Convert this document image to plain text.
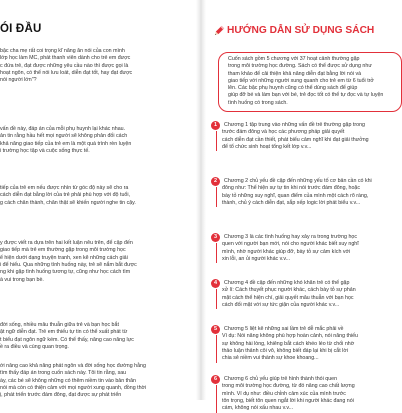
ÓI ĐẦU
bậc cha mẹ rất coi trọng kĩ năng ăn nói của con mình
lớp học làm MC, phát thanh viên dành cho trẻ em được
c đứa trẻ, đạt được những yêu cầu nào thì được gọi là
hoạt ngôn, có thể nói lưu loát, diễn đạt tốt, hay đạt được
nói người lớn"?
vấn đề này, đáp án của mỗi phụ huynh lại khác nhau.
ản tin rằng hầu hết mọi người sẽ không phản đối cách
khả năng giao tiếp của trẻ em là một quá trình rèn luyện
i trường học tập và cuộc sống thực tế.
tiếp của trẻ em nếu được nhìn từ góc độ này sẽ cho ra
cách diễn đạt bằng lời của trẻ phải phù hợp với độ tuổi,
g cách chân thành, chân thật sẽ khiến người nghe tin cậy.
y được viết ra dựa trên hai kết luận nêu trên, để cập đến
giao tiếp mà trẻ em thường gặp trong môi trường học
ể hiện dưới dạng truyện tranh, xen kẽ những cách giải
i để hiểu. Qua những tình huống này, trẻ sẽ nắm bắt được
ng khi gặp tình huống tương tự, cũng như học cách tìm
à vui trong bạn bè.
đời sống, nhiều mâu thuẫn giữa trẻ và bạn học bắt
ặt ngữ diễn đạt. Trẻ em thiếu tự tin có thể xuất phát từ
t biểu đạt ngôn ngữ kém. Có thể thấy, nâng cao năng lực
ề ra điều và cùng quan trọng.
ới nâng cao khả năng phát ngôn và đời sống học đường hằng
tìm thấy đáp án trong cuốn sách này. Tôi tin rằng, sau
ày, các bé sẽ không những có thêm niềm tin vào bản thân
nói mà còn có thiện cảm với mọi người xung quanh, đồng thời
ị, phát triển trước đám đông, đạt được sự phát triển
HƯỚNG DẪN SỬ DỤNG SÁCH
Cuốn sách gồm 5 chương với 37 hoạt cảnh thường gặp
trong môi trường học đường. Sách có thể được sử dụng như
tham khảo để cải thiện khả năng diễn đạt bằng lời nói và
giao tiếp với những người xung quanh cho trẻ em từ 6 tuổi trở
lên. Các bậc phụ huynh cũng có thể dùng sách để giúp
giúp đỡ bé và làm bạn với bé, trẻ đọc tốt có thể tự đọc và tự luyện
tình huống có trong sách.
1	Chương 1 tập trung vào những vấn đề trẻ thường gặp trong
trước đám đông và học các phương pháp giải quyết
cách diễn đạt cần thiết, phát biểu cảm nghĩ khi đạt giải thưởng
để tổ chức sinh hoạt tổng kết lớp v.v...
2	Chương 2 chủ yếu đề cập đến những yếu tố cơ bản cần có khi
đông như: Thể hiện sự tự tin khi nói trước đám đông, hoặc
bày tỏ những suy nghĩ, quan điểm của mình một cách rõ ràng,
thành, chủ ý cách diễn đạt, sắp xếp logic lời phát biểu v.v...
3	Chương 3 là các tình huống hay xảy ra trong trường học
quen với người bạn mới, nói cho người khác biết suy nghĩ
mình, nhờ người khác giúp đỡ, bày tỏ sự cảm kích với
xin lỗi, an ủi người khác v.v...
4	Chương 4 đề cập đến những khó khăn trẻ có thể gặp
xử lí: Cách thuyết phục người khác, cách bày tỏ sự phản
mặt cách thể hiện chí, giải quyết mâu thuẫn với bạn học
cách đối mặt với sự tức giận của người khác v.v...
5	Chương 5 liệt kê những sai lầm trẻ dễ mắc phải về
Ví dụ: Nói năng không phù hợp hoàn cảnh, nói năng thiếu
sự không hài lòng, khiêng bắt cách khéo léo từ chối nhờ
thảo luận thảnh côi vô, không biết đáp lại khi bị cắt lời
chia sẻ niềm vui thành sự khoe khoang...
6	Chương 6 chủ yếu giúp trẻ hình thành thói quen
trong môi trường học đường, từ đó nâng cao chất lượng
mình. Ví dụ như: điều chỉnh cảm xúc của mình trước
tôn trọng, biết tôn quen ngắt lời khi người khác đang nói
cám, không nói xấu nhau v.v...
